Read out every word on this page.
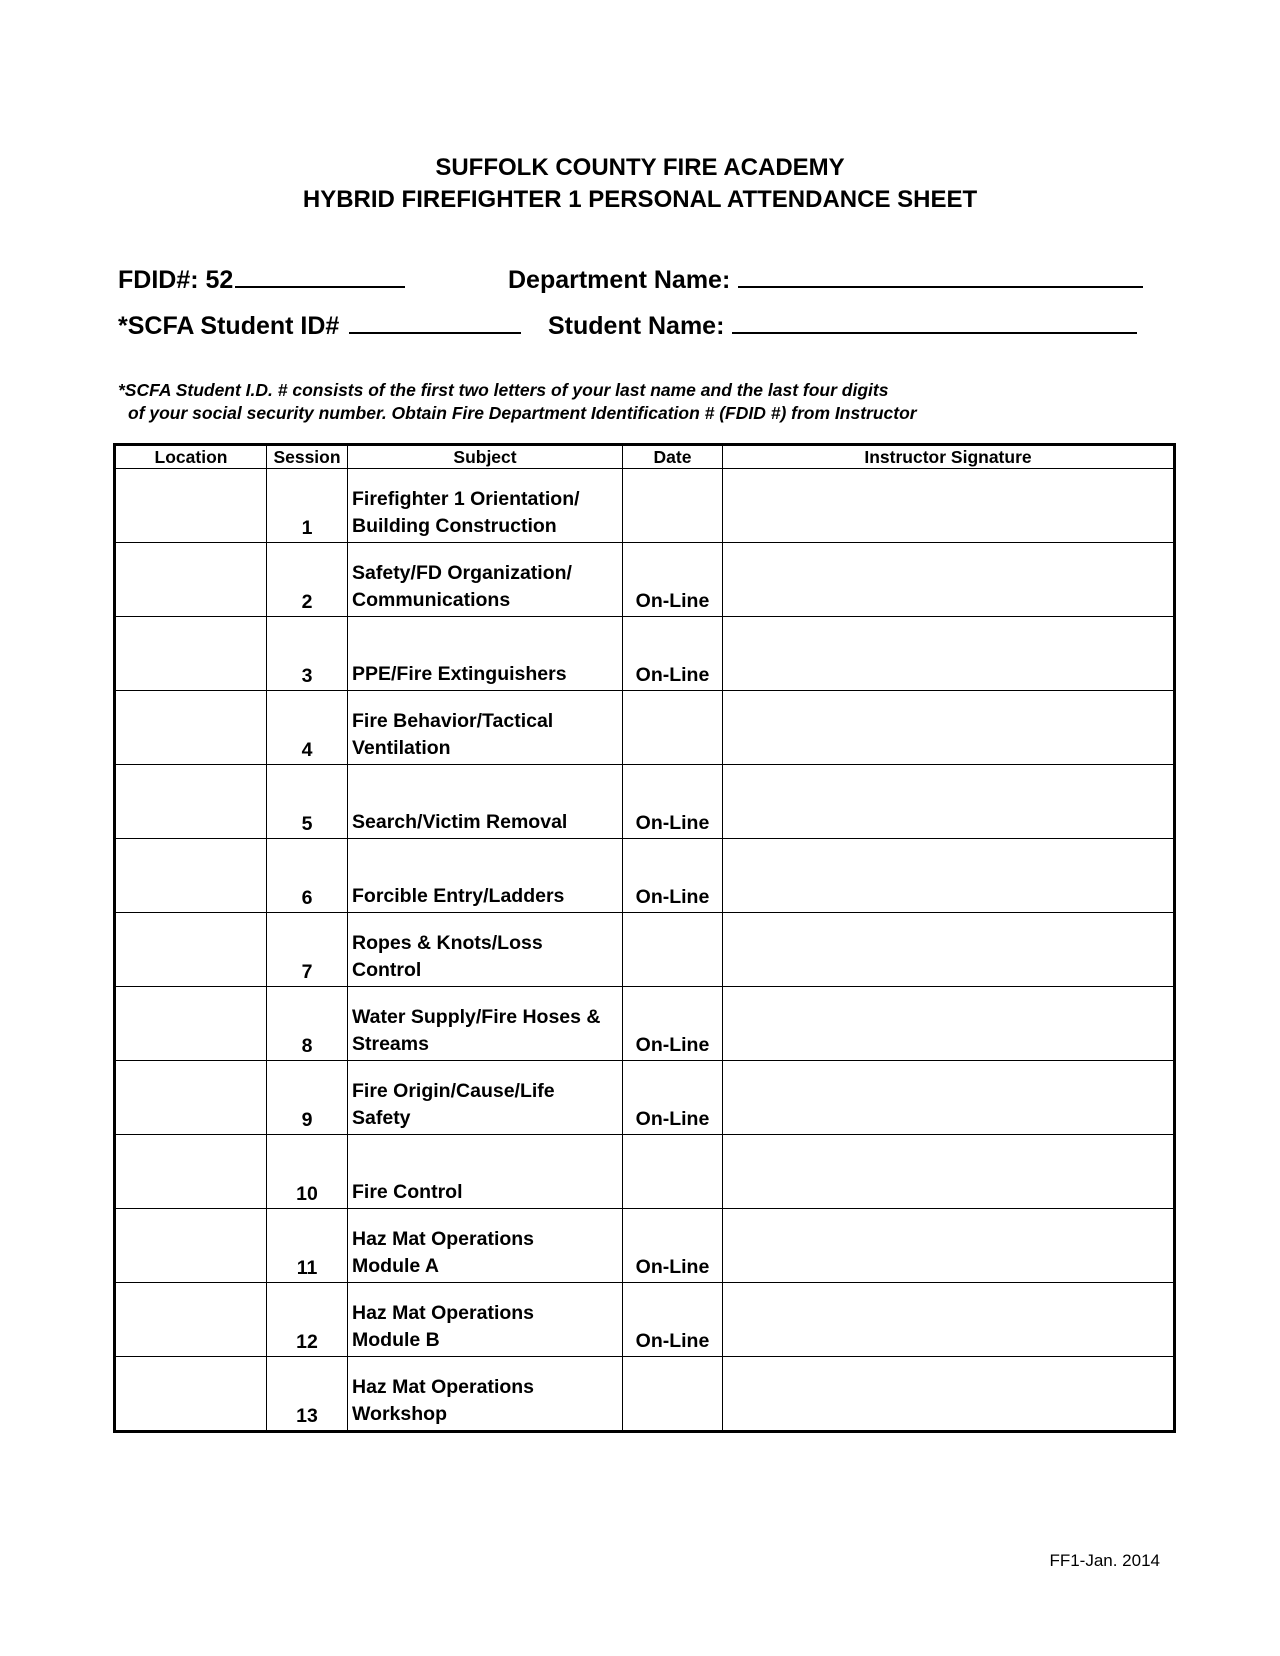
SUFFOLK COUNTY FIRE ACADEMY
HYBRID FIREFIGHTER 1 PERSONAL ATTENDANCE SHEET
FDID#: 52	Department Name:
*SCFA Student ID#	Student Name:
*SCFA Student I.D. # consists of the first two letters of your last name and the last four digits
of your social security number. Obtain Fire Department Identification # (FDID #) from Instructor
Location	Session	Subject	Date	Instructor Signature
	1	Firefighter 1 Orientation/
Building Construction		

	2	Safety/FD Organization/
Communications	On-Line	
	3	PPE/Fire Extinguishers	On-Line	
	4	Fire Behavior/Tactical
Ventilation		

	5	Search/Victim Removal	On-Line	
	6	Forcible Entry/Ladders	On-Line	
	7	Ropes & Knots/Loss
Control		

	8	Water Supply/Fire Hoses &
Streams	On-Line	
	9	Fire Origin/Cause/Life
Safety	On-Line	
	10	Fire Control		

	11	Haz Mat Operations
Module A	On-Line	
	12	Haz Mat Operations
Module B	On-Line	
	13	Haz Mat Operations
Workshop		

FF1-Jan. 2014
